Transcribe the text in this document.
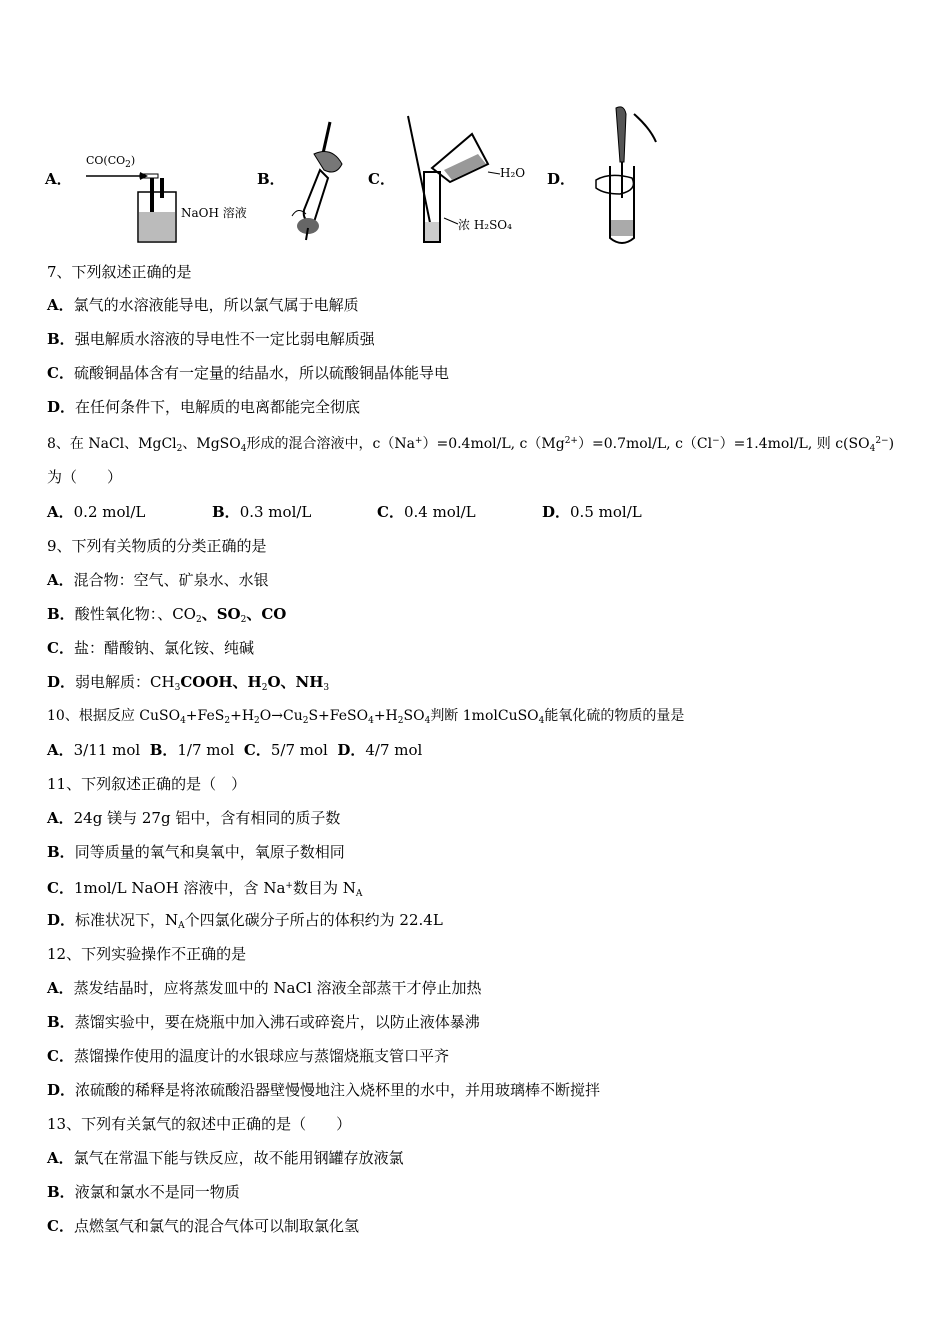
A．
$CO(CO_2)$
NaOH 溶液
B．	C．	H₂O
浓 H₂SO₄
D．
7、下列叙述正确的是
A．氯气的水溶液能导电，所以氯气属于电解质
B．强电解质水溶液的导电性不一定比弱电解质强
C．硫酸铜晶体含有一定量的结晶水，所以硫酸铜晶体能导电
D．在任何条件下，电解质的电离都能完全彻底
8、在 NaCl、MgCl$_2$、MgSO$_4$形成的混合溶液中，c（Na+）=0.4mol/L, $c(Mg^{2+})=0.7mol/L$, c（Cl−）=1.4mol/L, 则 $c(SO_4^{2-})$
为（　　）
A．0.2 mol/L	B．0.3 mol/L	C．0.4 mol/L	D．0.5 mol/L
9、下列有关物质的分类正确的是
A．混合物：空气、矿泉水、水银
B．酸性氧化物：、$CO_2$、$SO_2$、CO
C．盐：醋酸钠、氯化铵、纯碱
D．弱电解质：$CH_3COOH$、$H_2O$、$NH_3$
10、根据反应 $CuSO_4+FeS_2+H_2O\to Cu_2S+FeSO_4+H_2SO_4$判断 1molCuSO$_4$能氧化硫的物质的量是
A．3/11 mol B．1/7 mol C．5/7 mol D．4/7 mol
11、下列叙述正确的是（　）
A．24g 镁与 27g 铝中，含有相同的质子数
B．同等质量的氧气和臭氧中，氧原子数相同
C．1mol/L NaOH 溶液中，含 Na+数目为 $N_A$
D．标准状况下，$N_A$个四氯化碳分子所占的体积约为 22.4L
12、下列实验操作不正确的是
A．蒸发结晶时，应将蒸发皿中的 NaCl 溶液全部蒸干才停止加热
B．蒸馏实验中，要在烧瓶中加入沸石或碎瓷片，以防止液体暴沸
C．蒸馏操作使用的温度计的水银球应与蒸馏烧瓶支管口平齐
D．浓硫酸的稀释是将浓硫酸沿器壁慢慢地注入烧杯里的水中，并用玻璃棒不断搅拌
13、下列有关氯气的叙述中正确的是（　　）
A．氯气在常温下能与铁反应，故不能用钢罐存放液氯
B．液氯和氯水不是同一物质
C．点燃氢气和氯气的混合气体可以制取氯化氢
